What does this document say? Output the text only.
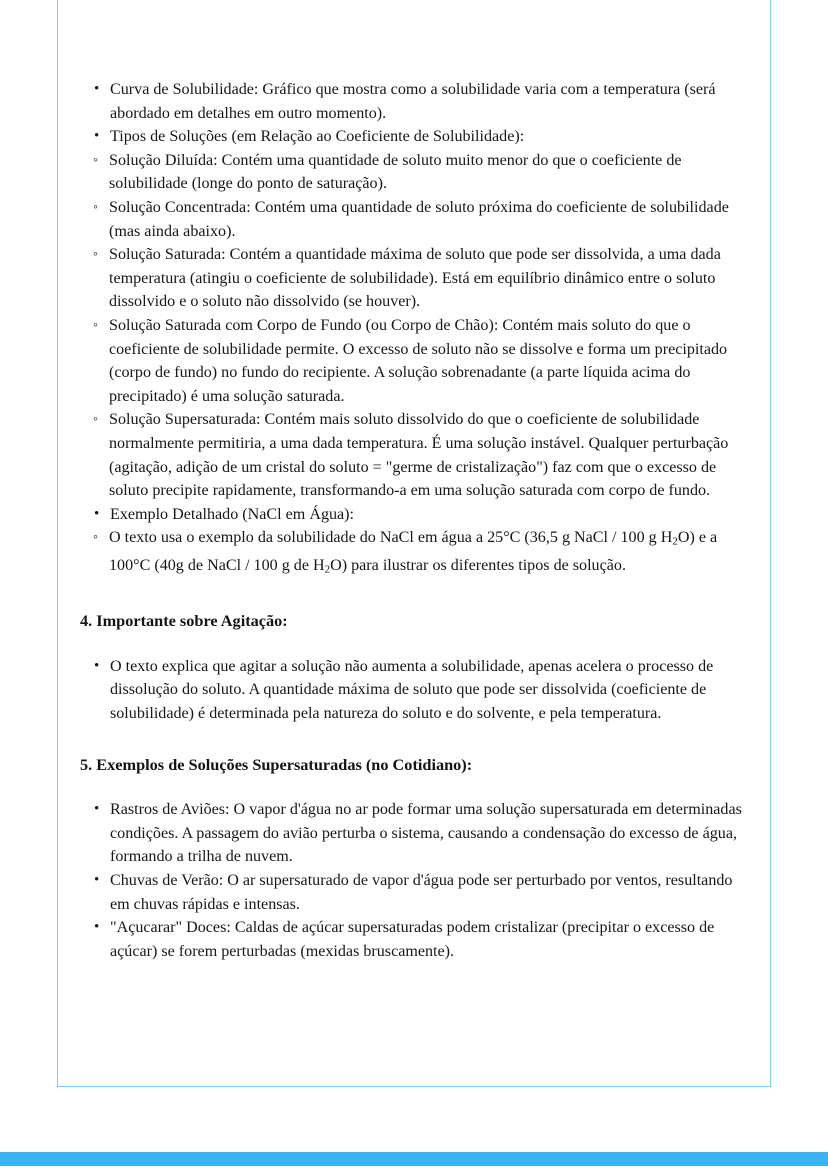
• Curva de Solubilidade: Gráfico que mostra como a solubilidade varia com a temperatura (será abordado em detalhes em outro momento).
• Tipos de Soluções (em Relação ao Coeficiente de Solubilidade):
◦ Solução Diluída: Contém uma quantidade de soluto muito menor do que o coeficiente de solubilidade (longe do ponto de saturação).
◦ Solução Concentrada: Contém uma quantidade de soluto próxima do coeficiente de solubilidade (mas ainda abaixo).
◦ Solução Saturada: Contém a quantidade máxima de soluto que pode ser dissolvida, a uma dada temperatura (atingiu o coeficiente de solubilidade). Está em equilíbrio dinâmico entre o soluto dissolvido e o soluto não dissolvido (se houver).
◦ Solução Saturada com Corpo de Fundo (ou Corpo de Chão): Contém mais soluto do que o coeficiente de solubilidade permite. O excesso de soluto não se dissolve e forma um precipitado (corpo de fundo) no fundo do recipiente. A solução sobrenadante (a parte líquida acima do precipitado) é uma solução saturada.
◦ Solução Supersaturada: Contém mais soluto dissolvido do que o coeficiente de solubilidade normalmente permitiria, a uma dada temperatura. É uma solução instável. Qualquer perturbação (agitação, adição de um cristal do soluto = "germe de cristalização") faz com que o excesso de soluto precipite rapidamente, transformando-a em uma solução saturada com corpo de fundo.
• Exemplo Detalhado (NaCl em Água):
◦ O texto usa o exemplo da solubilidade do NaCl em água a 25°C (36,5 g NaCl / 100 g $H_2O$) e a 100°C (40g de NaCl / 100 g de $H_2O$) para ilustrar os diferentes tipos de solução.
4. Importante sobre Agitação:
• O texto explica que agitar a solução não aumenta a solubilidade, apenas acelera o processo de dissolução do soluto. A quantidade máxima de soluto que pode ser dissolvida (coeficiente de solubilidade) é determinada pela natureza do soluto e do solvente, e pela temperatura.
5. Exemplos de Soluções Supersaturadas (no Cotidiano):
• Rastros de Aviões: O vapor d'água no ar pode formar uma solução supersaturada em determinadas condições. A passagem do avião perturba o sistema, causando a condensação do excesso de água, formando a trilha de nuvem.
• Chuvas de Verão: O ar supersaturado de vapor d'água pode ser perturbado por ventos, resultando em chuvas rápidas e intensas.
• "Açucarar" Doces: Caldas de açúcar supersaturadas podem cristalizar (precipitar o excesso de açúcar) se forem perturbadas (mexidas bruscamente).
